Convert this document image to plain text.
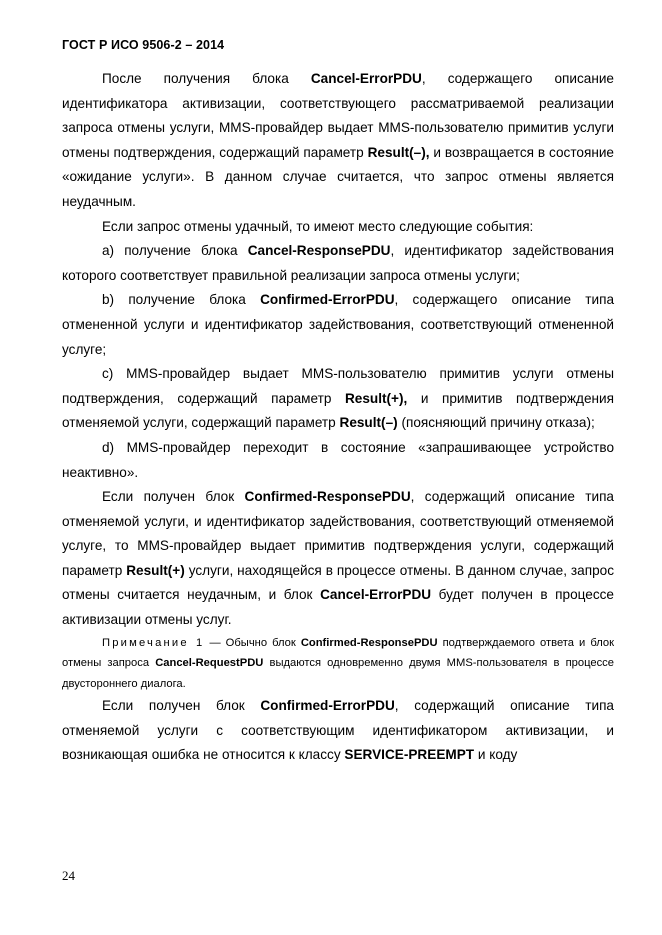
ГОСТ Р ИСО 9506-2 – 2014

После получения блока Cancel-ErrorPDU, содержащего описание идентификатора активизации, соответствующего рассматриваемой реализации запроса отмены услуги, MMS-провайдер выдает MMS-пользователю примитив услуги отмены подтверждения, содержащий параметр Result(–), и возвращается в состояние «ожидание услуги». В данном случае считается, что запрос отмены является неудачным.

Если запрос отмены удачный, то имеют место следующие события:

a) получение блока Cancel-ResponsePDU, идентификатор задействования которого соответствует правильной реализации запроса отмены услуги;

b) получение блока Confirmed-ErrorPDU, содержащего описание типа отмененной услуги и идентификатор задействования, соответствующий отмененной услуге;

c) MMS-провайдер выдает MMS-пользователю примитив услуги отмены подтверждения, содержащий параметр Result(+), и примитив подтверждения отменяемой услуги, содержащий параметр Result(–) (поясняющий причину отказа);

d) MMS-провайдер переходит в состояние «запрашивающее устройство неактивно».

Если получен блок Confirmed-ResponsePDU, содержащий описание типа отменяемой услуги, и идентификатор задействования, соответствующий отменяемой услуге, то MMS-провайдер выдает примитив подтверждения услуги, содержащий параметр Result(+) услуги, находящейся в процессе отмены. В данном случае, запрос отмены считается неудачным, и блок Cancel-ErrorPDU будет получен в процессе активизации отмены услуг.

Примечание 1 — Обычно блок Confirmed-ResponsePDU подтверждаемого ответа и блок отмены запроса Cancel-RequestPDU выдаются одновременно двумя MMS-пользователя в процессе двустороннего диалога.

Если получен блок Confirmed-ErrorPDU, содержащий описание типа отменяемой услуги с соответствующим идентификатором активизации, и возникающая ошибка не относится к классу SERVICE-PREEMPT и коду

24
